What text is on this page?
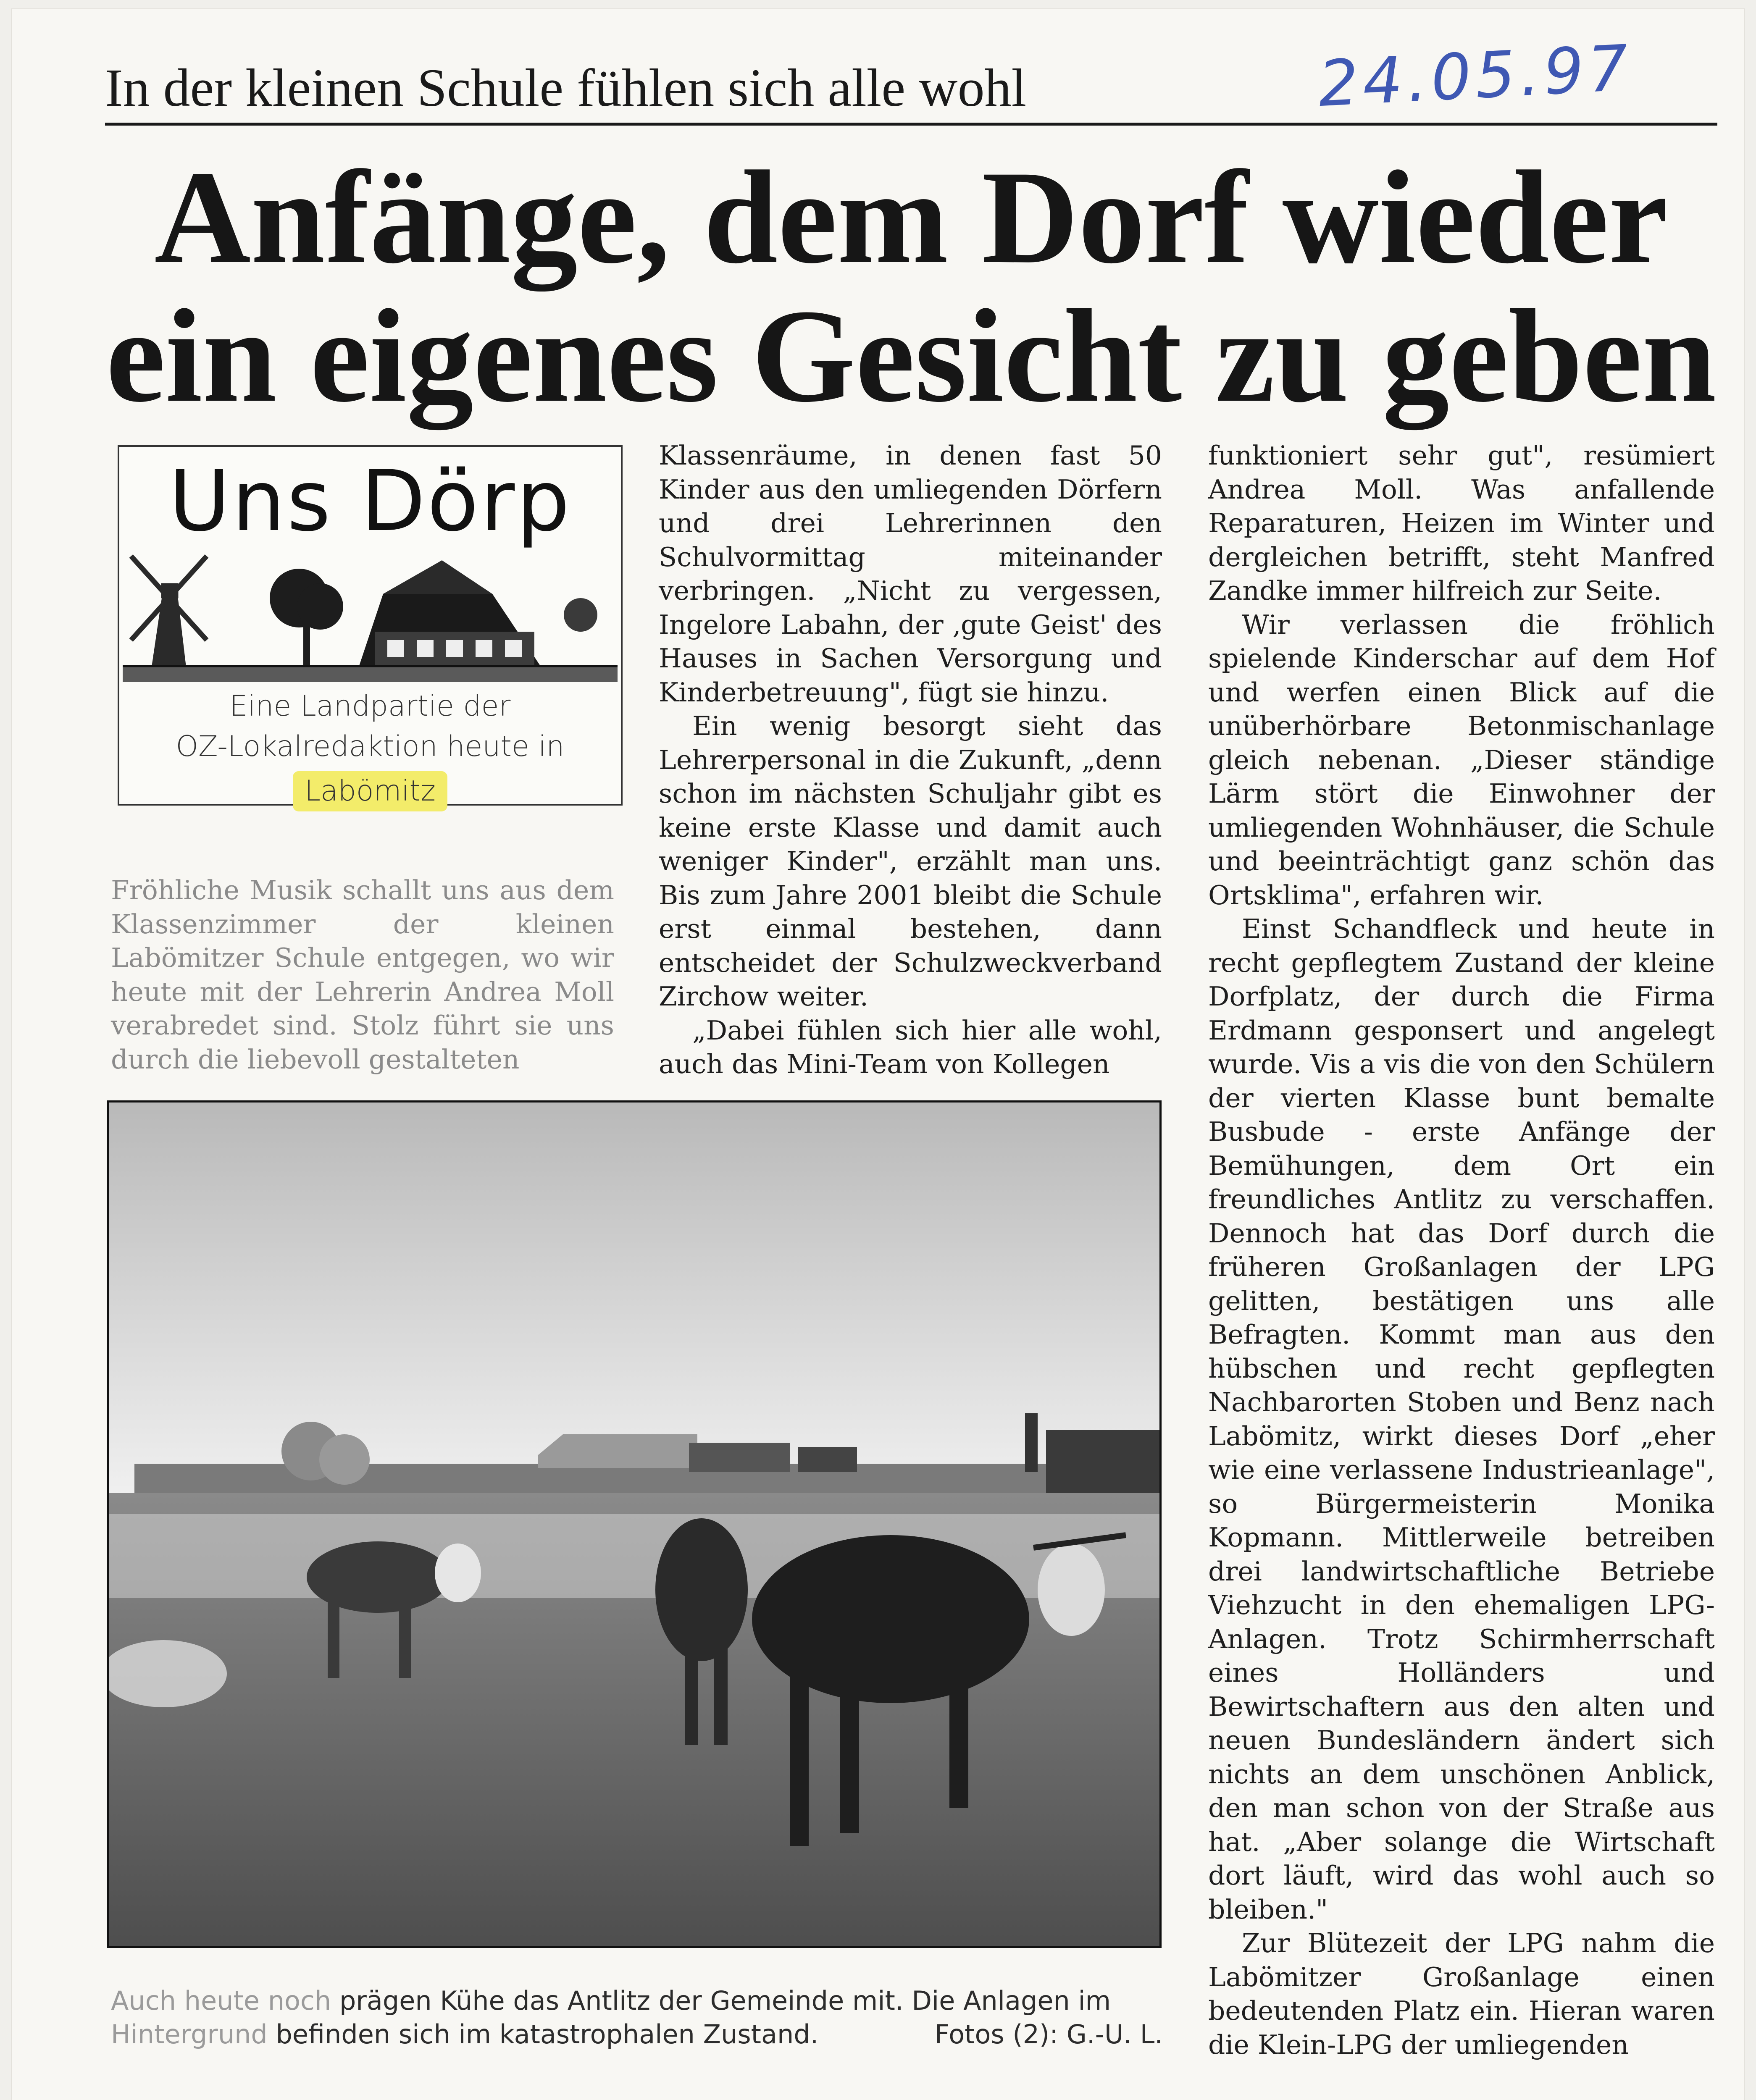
In der kleinen Schule fühlen sich alle wohl	24.05.97
Anfänge, dem Dorf wieder
ein eigenes Gesicht zu geben
Uns Dörp
Eine Landpartie der
OZ-Lokalredaktion heute in
Labömitz

Fröhliche Musik schallt uns aus dem Klassenzimmer der kleinen Labömitzer Schule entgegen, wo wir heute mit der Lehrerin Andrea Moll verabredet sind. Stolz führt sie uns durch die liebevoll gestalteten

Klassenräume, in denen fast 50 Kinder aus den umliegenden Dörfern und drei Lehrerinnen den Schulvormittag miteinander verbringen. „Nicht zu vergessen, Ingelore Labahn, der ‚gute Geist' des Hauses in Sachen Versorgung und Kinderbetreuung", fügt sie hinzu.

Ein wenig besorgt sieht das Lehrerpersonal in die Zukunft, „denn schon im nächsten Schuljahr gibt es keine erste Klasse und damit auch weniger Kinder", erzählt man uns. Bis zum Jahre 2001 bleibt die Schule erst einmal bestehen, dann entscheidet der Schulzweckverband Zirchow weiter.

„Dabei fühlen sich hier alle wohl, auch das Mini-Team von Kollegen

funktioniert sehr gut", resümiert Andrea Moll. Was anfallende Reparaturen, Heizen im Winter und dergleichen betrifft, steht Manfred Zandke immer hilfreich zur Seite.

Wir verlassen die fröhlich spielende Kinderschar auf dem Hof und werfen einen Blick auf die unüberhörbare Betonmischanlage gleich nebenan. „Dieser ständige Lärm stört die Einwohner der umliegenden Wohnhäuser, die Schule und beeinträchtigt ganz schön das Ortsklima", erfahren wir.

Einst Schandfleck und heute in recht gepflegtem Zustand der kleine Dorfplatz, der durch die Firma Erdmann gesponsert und angelegt wurde. Vis a vis die von den Schülern der vierten Klasse bunt bemalte Busbude - erste Anfänge der Bemühungen, dem Ort ein freundliches Antlitz zu verschaffen. Dennoch hat das Dorf durch die früheren Großanlagen der LPG gelitten, bestätigen uns alle Befragten. Kommt man aus den hübschen und recht gepflegten Nachbarorten Stoben und Benz nach Labömitz, wirkt dieses Dorf „eher wie eine verlassene Industrieanlage", so Bürgermeisterin Monika Kopmann. Mittlerweile betreiben drei landwirtschaftliche Betriebe Viehzucht in den ehemaligen LPG-Anlagen. Trotz Schirmherrschaft eines Holländers und Bewirtschaftern aus den alten und neuen Bundesländern ändert sich nichts an dem unschönen Anblick, den man schon von der Straße aus hat. „Aber solange die Wirtschaft dort läuft, wird das wohl auch so bleiben."

Zur Blütezeit der LPG nahm die Labömitzer Großanlage einen bedeutenden Platz ein. Hieran waren die Klein-LPG der umliegenden

Auch heute noch prägen Kühe das Antlitz der Gemeinde mit. Die Anlagen im
Hintergrund befinden sich im katastrophalen Zustand.	Fotos (2): G.-U. L.
